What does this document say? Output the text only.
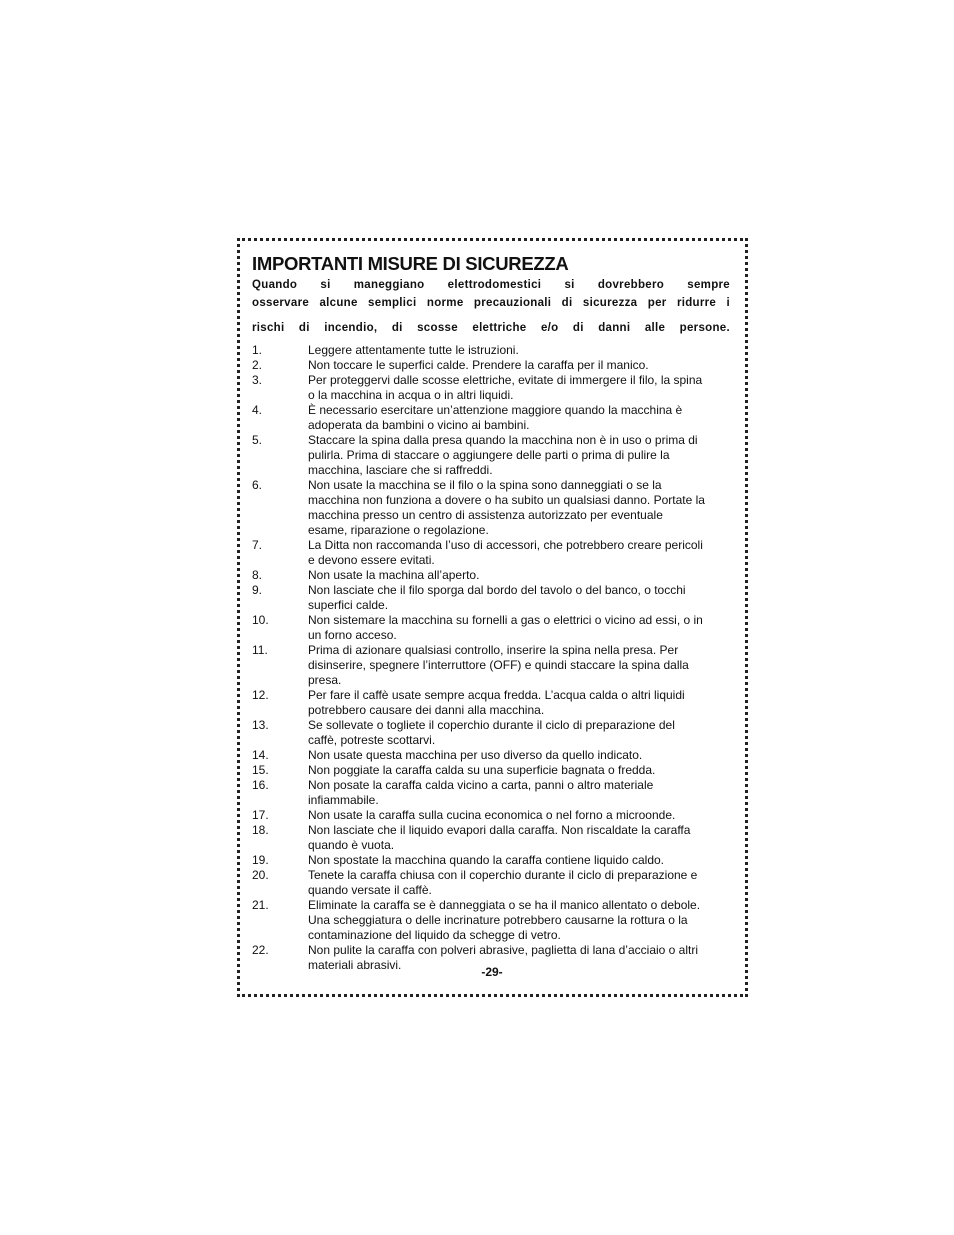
IMPORTANTI MISURE DI SICUREZZA
Quando si maneggiano elettrodomestici si dovrebbero sempre
osservare alcune semplici norme precauzionali di sicurezza per ridurre i
rischi di incendio, di scosse elettriche e/o di danni alle persone.
1.	Leggere attentamente tutte le istruzioni.
2.	Non toccare le superfici calde. Prendere la caraffa per il manico.
3.	Per proteggervi dalle scosse elettriche, evitate di immergere il filo, la spina
o la macchina in acqua o in altri liquidi.
4.	È necessario esercitare un’attenzione maggiore quando la macchina è
adoperata da bambini o vicino ai bambini.
5.	Staccare la spina dalla presa quando la macchina non è in uso o prima di
pulirla. Prima di staccare o aggiungere delle parti o prima di pulire la
macchina, lasciare che si raffreddi.
6.	Non usate la macchina se il filo o la spina sono danneggiati o se la
macchina non funziona a dovere o ha subito un qualsiasi danno. Portate la
macchina presso un centro di assistenza autorizzato per eventuale
esame, riparazione o regolazione.
7.	La Ditta non raccomanda l’uso di accessori, che potrebbero creare pericoli
e devono essere evitati.
8.	Non usate la machina all’aperto.
9.	Non lasciate che il filo sporga dal bordo del tavolo o del banco, o tocchi
superfici calde.
10.	Non sistemare la macchina su fornelli a gas o elettrici o vicino ad essi, o in
un forno acceso.
11.	Prima di azionare qualsiasi controllo, inserire la spina nella presa. Per
disinserire, spegnere l’interruttore (OFF) e quindi staccare la spina dalla
presa.
12.	Per fare il caffè usate sempre acqua fredda. L’acqua calda o altri liquidi
potrebbero causare dei danni alla macchina.
13.	Se sollevate o togliete il coperchio durante il ciclo di preparazione del
caffè, potreste scottarvi.
14.	Non usate questa macchina per uso diverso da quello indicato.
15.	Non poggiate la caraffa calda su una superficie bagnata o fredda.
16.	Non posate la caraffa calda vicino a carta, panni o altro materiale
infiammabile.
17.	Non usate la caraffa sulla cucina economica o nel forno a microonde.
18.	Non lasciate che il liquido evapori dalla caraffa. Non riscaldate la caraffa
quando è vuota.
19.	Non spostate la macchina quando la caraffa contiene liquido caldo.
20.	Tenete la caraffa chiusa con il coperchio durante il ciclo di preparazione e
quando versate il caffè.
21.	Eliminate la caraffa se è danneggiata o se ha il manico allentato o debole.
Una scheggiatura o delle incrinature potrebbero causarne la rottura o la
contaminazione del liquido da schegge di vetro.
22.	Non pulite la caraffa con polveri abrasive, paglietta di lana d’acciaio o altri
materiali abrasivi.	-29-
